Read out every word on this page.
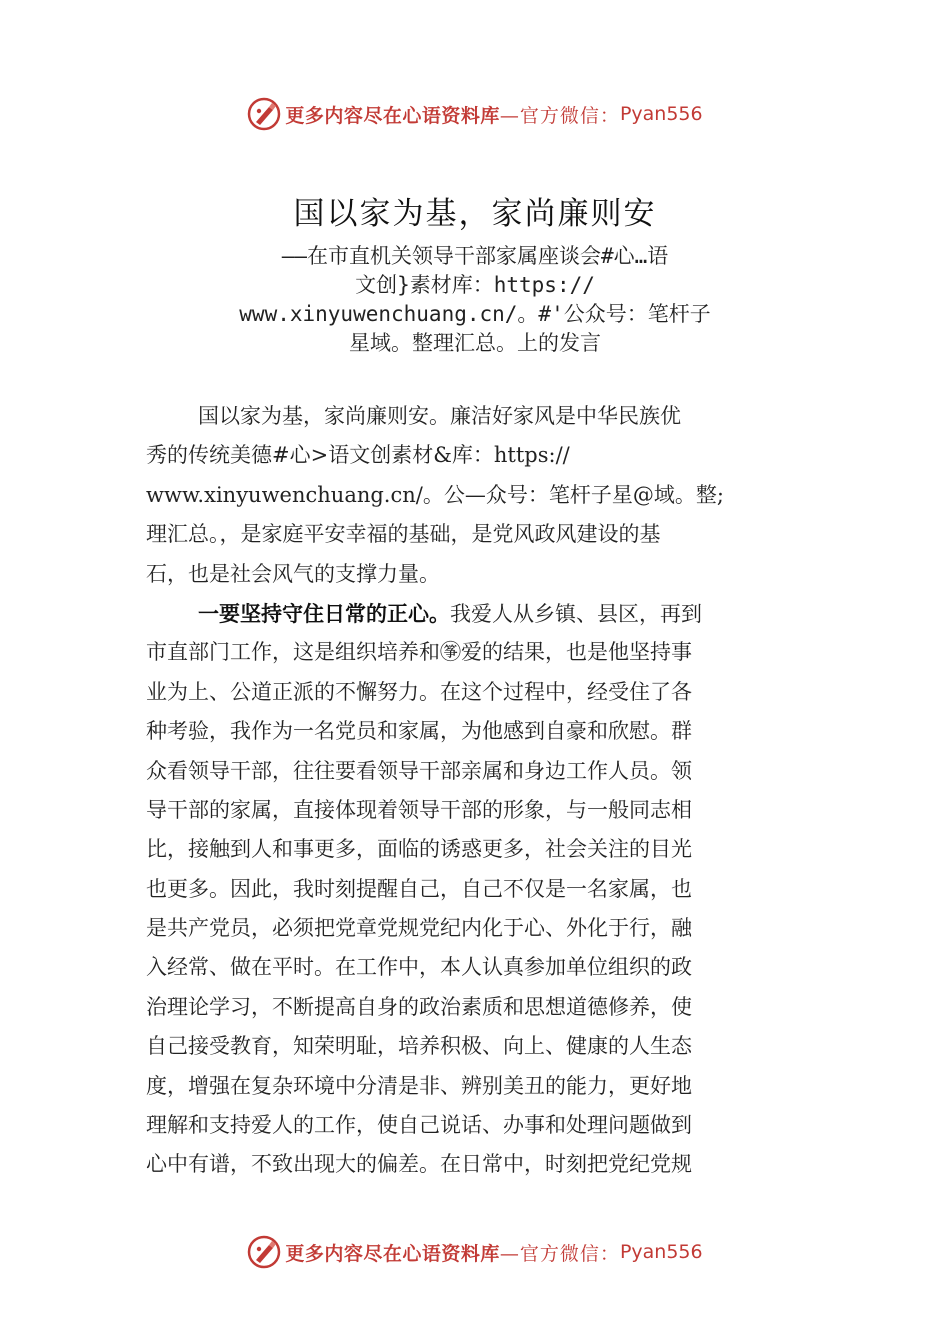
更多内容尽在心语资料库 —官方微信： Pyan556
国以家为基，家尚廉则安
——在市直机关领导干部家属座谈会#心…语
文创}素材库：https://
www.xinyuwenchuang.cn/。#'公众号：笔杆子
星域。整理汇总。上的发言
国以家为基，家尚廉则安。廉洁好家风是中华民族优
秀的传统美德#心>语文创素材&库：https://
www.xinyuwenchuang.cn/。公—众号：笔杆子星@域。整;
理汇总。，是家庭平安幸福的基础，是党风政风建设的基
石，也是社会风气的支撑力量。
一要坚持守住日常的正心。我爱人从乡镇、县区，再到
市直部门工作，这是组织培养和㉇爱的结果，也是他坚持事
业为上、公道正派的不懈努力。在这个过程中，经受住了各
种考验，我作为一名党员和家属，为他感到自豪和欣慰。群
众看领导干部，往往要看领导干部亲属和身边工作人员。领
导干部的家属，直接体现着领导干部的形象，与一般同志相
比，接触到人和事更多，面临的诱惑更多，社会关注的目光
也更多。因此，我时刻提醒自己，自己不仅是一名家属，也
是共产党员，必须把党章党规党纪内化于心、外化于行，融
入经常、做在平时。在工作中，本人认真参加单位组织的政
治理论学习，不断提高自身的政治素质和思想道德修养，使
自己接受教育，知荣明耻，培养积极、向上、健康的人生态
度，增强在复杂环境中分清是非、辨别美丑的能力，更好地
理解和支持爱人的工作，使自己说话、办事和处理问题做到
心中有谱，不致出现大的偏差。在日常中，时刻把党纪党规
更多内容尽在心语资料库 —官方微信： Pyan556
